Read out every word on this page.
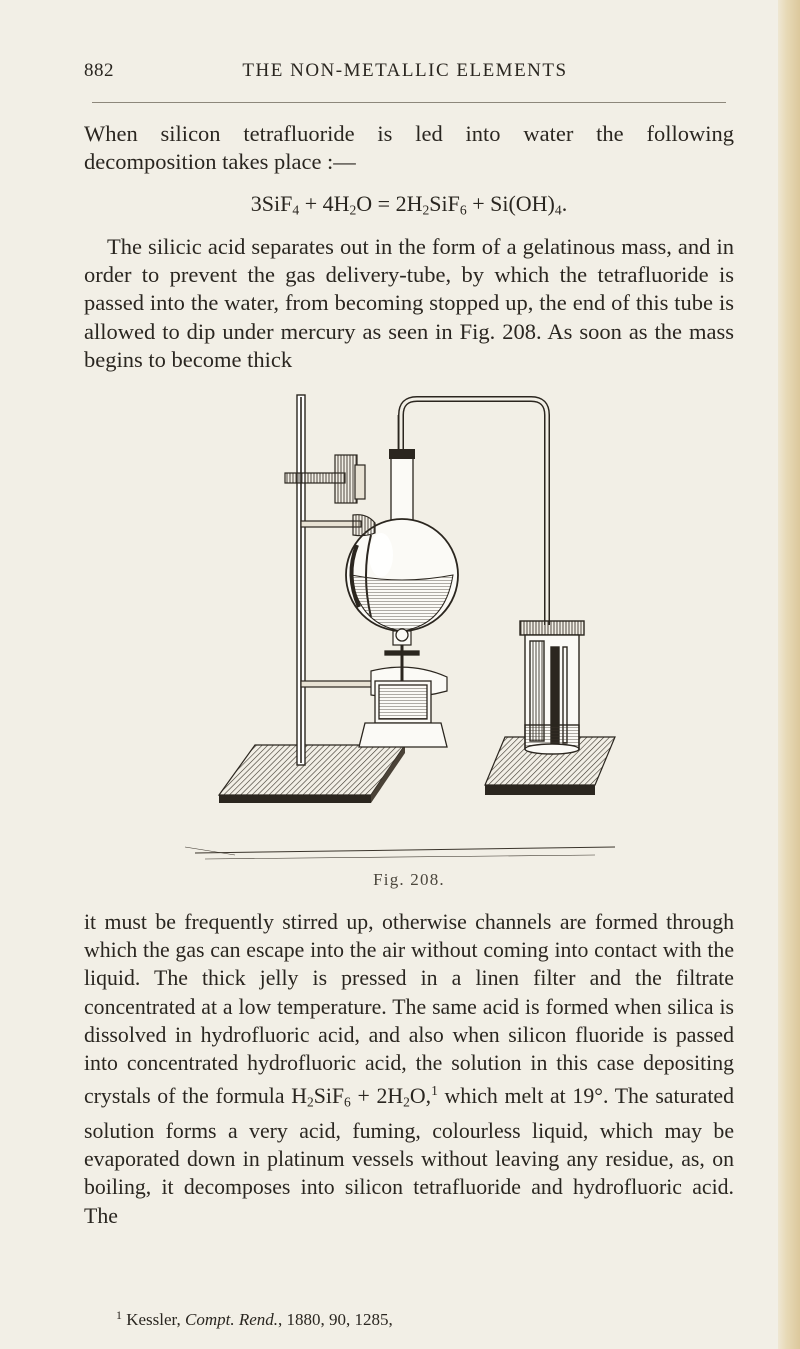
882	THE NON-METALLIC ELEMENTS

When silicon tetrafluoride is led into water the following decomposition takes place :—

$3SiF_4 + 4H_2O = 2H_2SiF_6 + Si(OH)_4$.

The silicic acid separates out in the form of a gelatinous mass, and in order to prevent the gas delivery-tube, by which the tetrafluoride is passed into the water, from becoming stopped up, the end of this tube is allowed to dip under mercury as seen in Fig. 208. As soon as the mass begins to become thick

Fig. 208.

it must be frequently stirred up, otherwise channels are formed through which the gas can escape into the air without coming into contact with the liquid. The thick jelly is pressed in a linen filter and the filtrate concentrated at a low temperature. The same acid is formed when silica is dissolved in hydrofluoric acid, and also when silicon fluoride is passed into concentrated hydrofluoric acid, the solution in this case depositing crystals of the formula H2SiF6 + 2H2O,$^1$ which melt at 19°. The saturated solution forms a very acid, fuming, colourless liquid, which may be evaporated down in platinum vessels without leaving any residue, as, on boiling, it decomposes into silicon tetrafluoride and hydrofluoric acid. The

$^1$ Kessler, Compt. Rend., 1880, 90, 1285,
